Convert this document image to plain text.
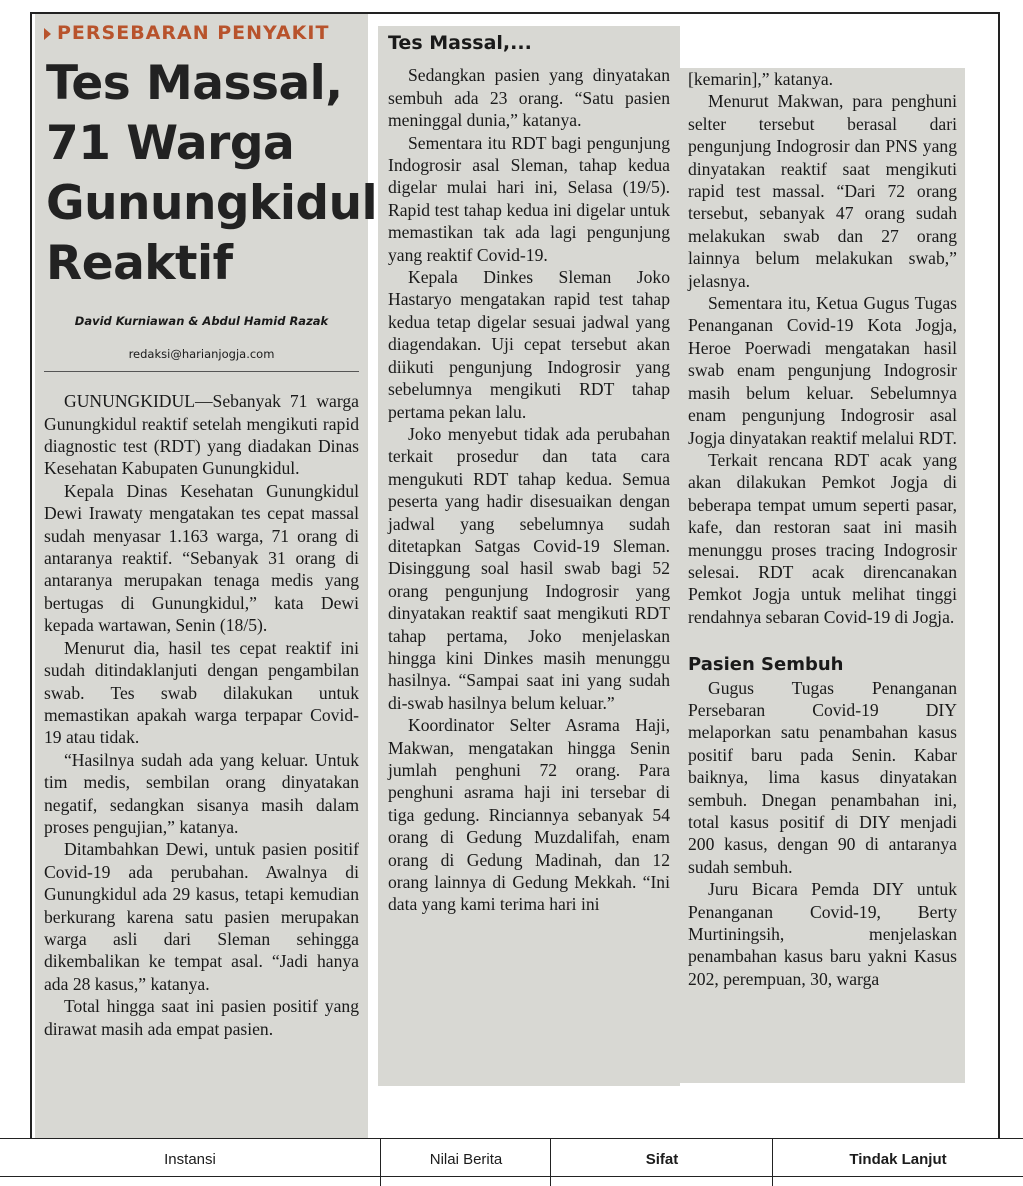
PERSEBARAN PENYAKIT
Tes Massal, 71 Warga Gunungkidul Reaktif
David Kurniawan & Abdul Hamid Razak
redaksi@harianjogja.com

GUNUNGKIDUL—Sebanyak 71 warga Gunungkidul reaktif setelah mengikuti rapid diagnostic test (RDT) yang diadakan Dinas Kesehatan Kabupaten Gunungkidul.

Kepala Dinas Kesehatan Gunungkidul Dewi Irawaty mengatakan tes cepat massal sudah menyasar 1.163 warga, 71 orang di antaranya reaktif. “Sebanyak 31 orang di antaranya merupakan tenaga medis yang bertugas di Gunungkidul,” kata Dewi kepada wartawan, Senin (18/5).

Menurut dia, hasil tes cepat reaktif ini sudah ditindaklanjuti dengan pengambilan swab. Tes swab dilakukan untuk memastikan apakah warga terpapar Covid-19 atau tidak.

“Hasilnya sudah ada yang keluar. Untuk tim medis, sembilan orang dinyatakan negatif, sedangkan sisanya masih dalam proses pengujian,” katanya.

Ditambahkan Dewi, untuk pasien positif Covid-19 ada perubahan. Awalnya di Gunungkidul ada 29 kasus, tetapi kemudian berkurang karena satu pasien merupakan warga asli dari Sleman sehingga dikembalikan ke tempat asal. “Jadi hanya ada 28 kasus,” katanya.

Total hingga saat ini pasien positif yang dirawat masih ada empat pasien.

Tes Massal,...

Sedangkan pasien yang dinyatakan sembuh ada 23 orang. “Satu pasien meninggal dunia,” katanya.

Sementara itu RDT bagi pengunjung Indogrosir asal Sleman, tahap kedua digelar mulai hari ini, Selasa (19/5). Rapid test tahap kedua ini digelar untuk memastikan tak ada lagi pengunjung yang reaktif Covid-19.

Kepala Dinkes Sleman Joko Hastaryo mengatakan rapid test tahap kedua tetap digelar sesuai jadwal yang diagendakan. Uji cepat tersebut akan diikuti pengunjung Indogrosir yang sebelumnya mengikuti RDT tahap pertama pekan lalu.

Joko menyebut tidak ada perubahan terkait prosedur dan tata cara mengukuti RDT tahap kedua. Semua peserta yang hadir disesuaikan dengan jadwal yang sebelumnya sudah ditetapkan Satgas Covid-19 Sleman. Disinggung soal hasil swab bagi 52 orang pengunjung Indogrosir yang dinyatakan reaktif saat mengikuti RDT tahap pertama, Joko menjelaskan hingga kini Dinkes masih menunggu hasilnya. “Sampai saat ini yang sudah di-swab hasilnya belum keluar.”

Koordinator Selter Asrama Haji, Makwan, mengatakan hingga Senin jumlah penghuni 72 orang. Para penghuni asrama haji ini tersebar di tiga gedung. Rinciannya sebanyak 54 orang di Gedung Muzdalifah, enam orang di Gedung Madinah, dan 12 orang lainnya di Gedung Mekkah. “Ini data yang kami terima hari ini

[kemarin],” katanya.

Menurut Makwan, para penghuni selter tersebut berasal dari pengunjung Indogrosir dan PNS yang dinyatakan reaktif saat mengikuti rapid test massal. “Dari 72 orang tersebut, sebanyak 47 orang sudah melakukan swab dan 27 orang lainnya belum melakukan swab,” jelasnya.

Sementara itu, Ketua Gugus Tugas Penanganan Covid-19 Kota Jogja, Heroe Poerwadi mengatakan hasil swab enam pengunjung Indogrosir masih belum keluar. Sebelumnya enam pengunjung Indogrosir asal Jogja dinyatakan reaktif melalui RDT.

Terkait rencana RDT acak yang akan dilakukan Pemkot Jogja di beberapa tempat umum seperti pasar, kafe, dan restoran saat ini masih menunggu proses tracing Indogrosir selesai. RDT acak direncanakan Pemkot Jogja untuk melihat tinggi rendahnya sebaran Covid-19 di Jogja.

Pasien Sembuh

Gugus Tugas Penanganan Persebaran Covid-19 DIY melaporkan satu penambahan kasus positif baru pada Senin. Kabar baiknya, lima kasus dinyatakan sembuh. Dnegan penambahan ini, total kasus positif di DIY menjadi 200 kasus, dengan 90 di antaranya sudah sembuh.

Juru Bicara Pemda DIY untuk Penanganan Covid-19, Berty Murtiningsih, menjelaskan penambahan kasus baru yakni Kasus 202, perempuan, 30, warga

Instansi	Nilai Berita	Sifat	Tindak Lanjut
